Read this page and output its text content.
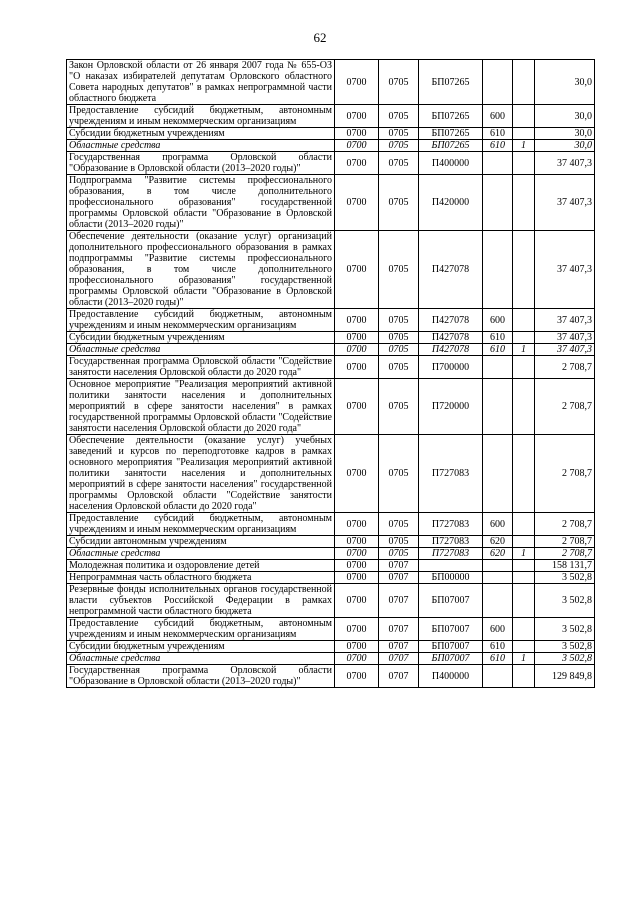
62
Закон Орловской области от 26 января 2007 года № 655-ОЗ "О наказах избирателей депутатам Орловского областного Совета народных депутатов" в рамках непрограммной части областного бюджета	0700	0705	БП07265			30,0
Предоставление субсидий бюджетным, автономным учреждениям и иным некоммерческим организациям	0700	0705	БП07265	600		30,0
Субсидии бюджетным учреждениям	0700	0705	БП07265	610		30,0
Областные средства	0700	0705	БП07265	610	1	30,0
Государственная программа Орловской области "Образование в Орловской области (2013–2020 годы)"	0700	0705	П400000			37 407,3
Подпрограмма "Развитие системы профессионального образования, в том числе дополнительного профессионального образования" государственной программы Орловской области "Образование в Орловской области (2013–2020 годы)"	0700	0705	П420000			37 407,3
Обеспечение деятельности (оказание услуг) организаций дополнительного профессионального образования в рамках подпрограммы "Развитие системы профессионального образования, в том числе дополнительного профессионального образования" государственной программы Орловской области "Образование в Орловской области (2013–2020 годы)"	0700	0705	П427078			37 407,3
Предоставление субсидий бюджетным, автономным учреждениям и иным некоммерческим организациям	0700	0705	П427078	600		37 407,3
Субсидии бюджетным учреждениям	0700	0705	П427078	610		37 407,3
Областные средства	0700	0705	П427078	610	1	37 407,3
Государственная программа Орловской области "Содействие занятости населения Орловской области до 2020 года"	0700	0705	П700000			2 708,7
Основное мероприятие "Реализация мероприятий активной политики занятости населения и дополнительных мероприятий в сфере занятости населения" в рамках государственной программы Орловской области "Содействие занятости населения Орловской области до 2020 года"	0700	0705	П720000			2 708,7
Обеспечение деятельности (оказание услуг) учебных заведений и курсов по переподготовке кадров в рамках основного мероприятия "Реализация мероприятий активной политики занятости населения и дополнительных мероприятий в сфере занятости населения" государственной программы Орловской области "Содействие занятости населения Орловской области до 2020 года"	0700	0705	П727083			2 708,7
Предоставление субсидий бюджетным, автономным учреждениям и иным некоммерческим организациям	0700	0705	П727083	600		2 708,7
Субсидии автономным учреждениям	0700	0705	П727083	620		2 708,7
Областные средства	0700	0705	П727083	620	1	2 708,7
Молодежная политика и оздоровление детей	0700	0707				158 131,7
Непрограммная часть областного бюджета	0700	0707	БП00000			3 502,8
Резервные фонды исполнительных органов государственной власти субъектов Российской Федерации в рамках непрограммной части областного бюджета	0700	0707	БП07007			3 502,8
Предоставление субсидий бюджетным, автономным учреждениям и иным некоммерческим организациям	0700	0707	БП07007	600		3 502,8
Субсидии бюджетным учреждениям	0700	0707	БП07007	610		3 502,8
Областные средства	0700	0707	БП07007	610	1	3 502,8
Государственная программа Орловской области "Образование в Орловской области (2013–2020 годы)"	0700	0707	П400000			129 849,8
